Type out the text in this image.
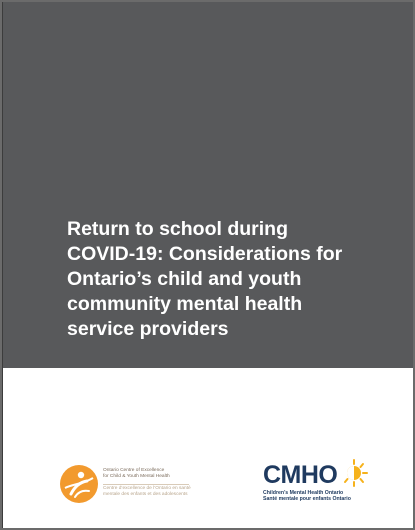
Return to school during
COVID-19: Considerations for
Ontario’s child and youth
community mental health
service providers
Ontario Centre of Excellence
for Child & Youth Mental Health
Centre d’excellence de l’Ontario en santé
mentale des enfants et des adolescents
CMHO
Children’s Mental Health Ontario
Santé mentale pour enfants Ontario
